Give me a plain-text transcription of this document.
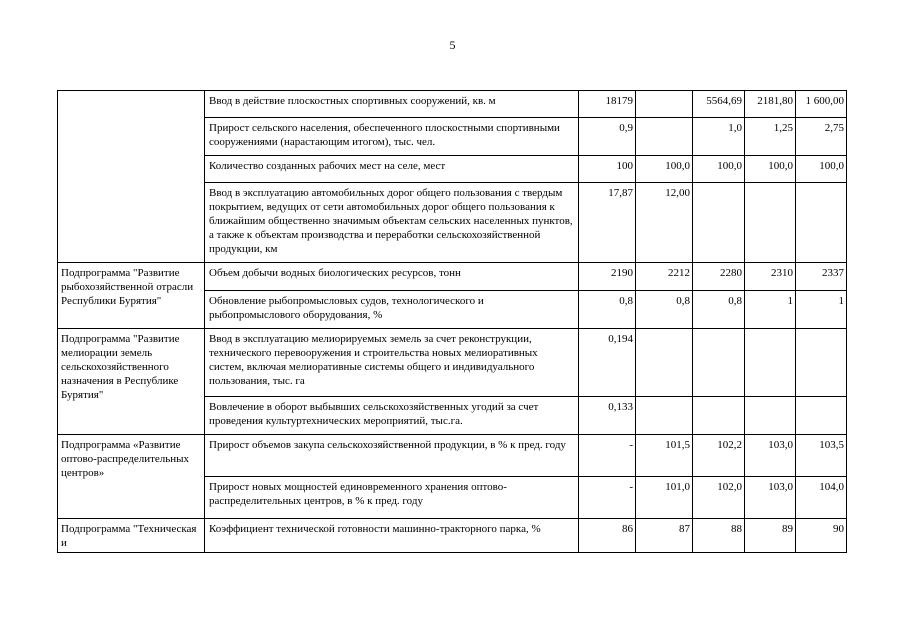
5
	Ввод в действие плоскостных спортивных сооружений, кв. м	18179		5564,69	2181,80	1 600,00
	Прирост сельского населения, обеспеченного плоскостными спортивными сооружениями (нарастающим итогом), тыс. чел.	0,9		1,0	1,25	2,75
	Количество созданных рабочих мест на селе, мест	100	100,0	100,0	100,0	100,0
	Ввод в эксплуатацию автомобильных дорог общего пользования с твердым покрытием, ведущих от сети автомобильных дорог общего пользования к ближайшим общественно значимым объектам сельских населенных пунктов, а также к объектам производства и переработки сельскохозяйственной продукции, км	17,87	12,00			
Подпрограмма "Развитие рыбохозяйственной отрасли Республики Бурятия"	Объем добычи водных биологических ресурсов, тонн	2190	2212	2280	2310	2337
	Обновление рыбопромысловых судов, технологического и рыбопромыслового оборудования, %	0,8	0,8	0,8	1	1
Подпрограмма "Развитие мелиорации земель сельскохозяйственного назначения в Республике Бурятия"	Ввод в эксплуатацию мелиорируемых земель за счет реконструкции, технического перевооружения и строительства новых мелиоративных систем, включая мелиоративные системы общего и индивидуального пользования, тыс. га	0,194				
	Вовлечение в оборот выбывших сельскохозяйственных угодий за счет проведения культуртехнических мероприятий, тыс.га.	0,133				
Подпрограмма «Развитие оптово-распределительных центров»	Прирост объемов закупа сельскохозяйственной продукции, в % к пред. году	-	101,5	102,2	103,0	103,5
	Прирост новых мощностей единовременного хранения оптово-распределительных центров, в % к пред. году	-	101,0	102,0	103,0	104,0
Подпрограмма "Техническая и	Коэффициент технической готовности машинно-тракторного парка, %	86	87	88	89	90
